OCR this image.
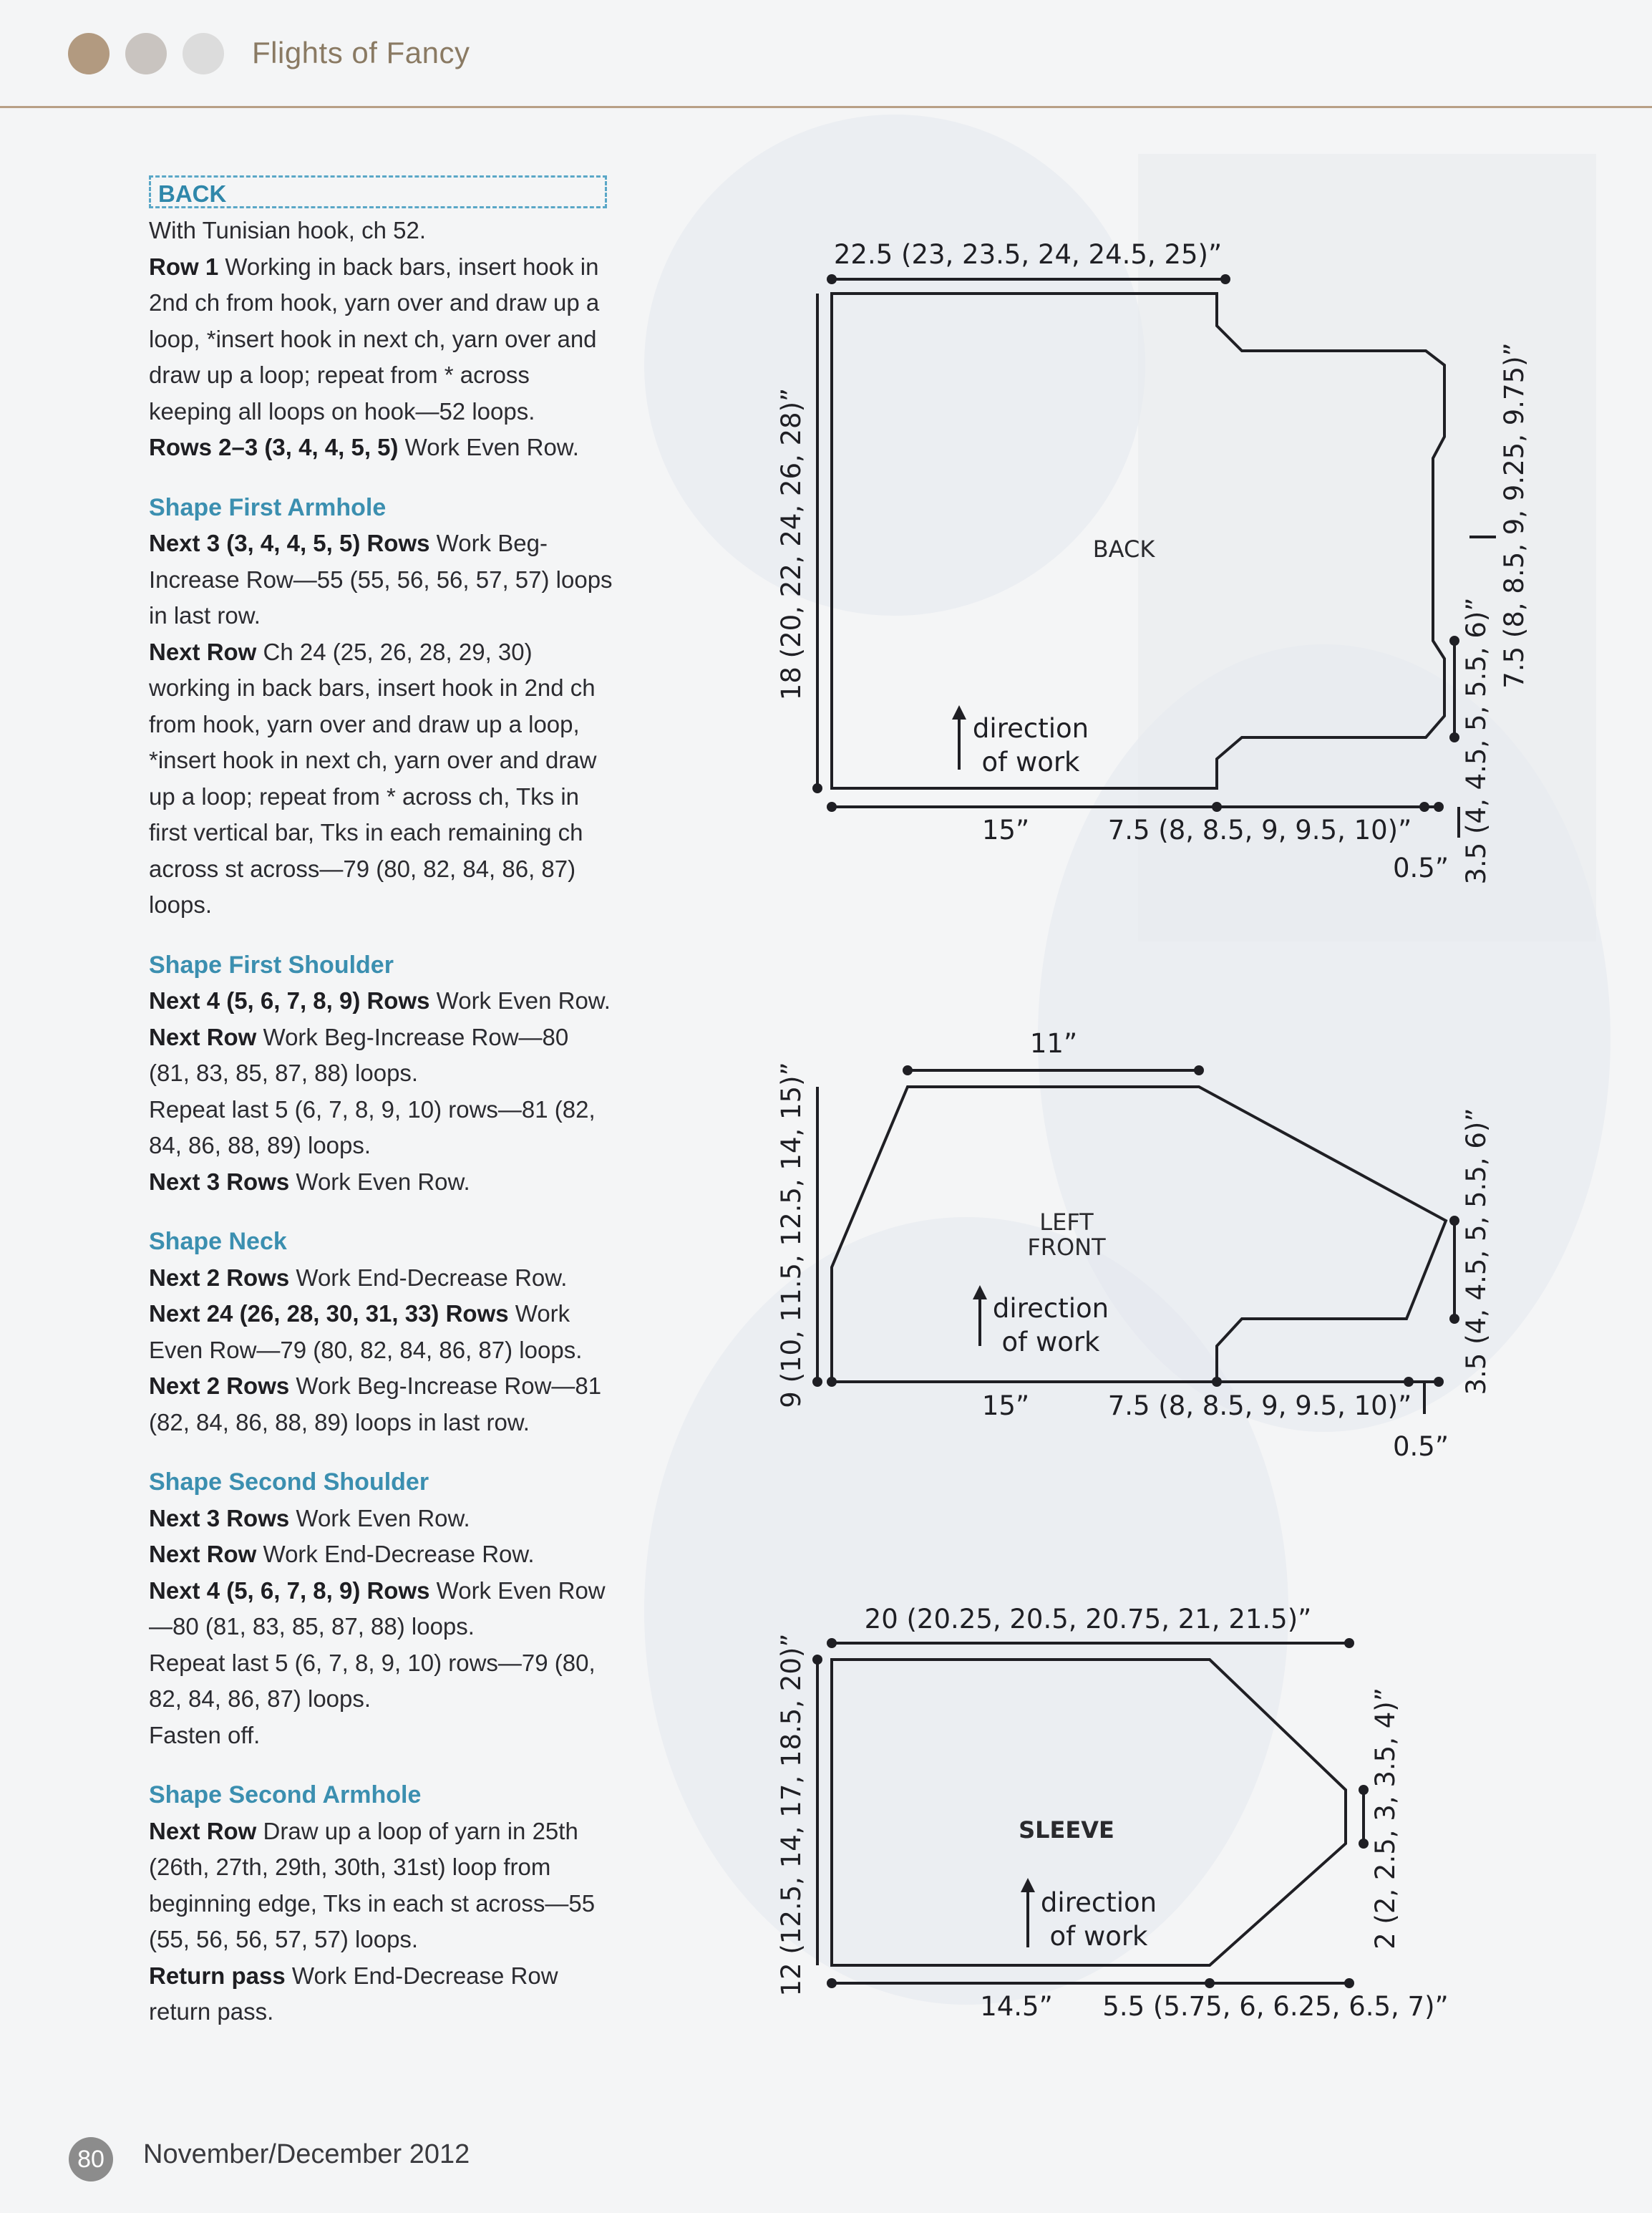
Flights of Fancy
BACK

With Tunisian hook, ch 52.

Row 1 Working in back bars, insert hook in 2nd ch from hook, yarn over and draw up a loop, *insert hook in next ch, yarn over and draw up a loop; repeat from * across keeping all loops on hook—52 loops.

Rows 2–3 (3, 4, 4, 5, 5) Work Even Row.

Shape First Armhole

Next 3 (3, 4, 4, 5, 5) Rows Work Beg-Increase Row—55 (55, 56, 56, 57, 57) loops in last row.

Next Row Ch 24 (25, 26, 28, 29, 30) working in back bars, insert hook in 2nd ch from hook, yarn over and draw up a loop, *insert hook in next ch, yarn over and draw up a loop; repeat from * across ch, Tks in first vertical bar, Tks in each remaining ch across st across—79 (80, 82, 84, 86, 87) loops.

Shape First Shoulder

Next 4 (5, 6, 7, 8, 9) Rows Work Even Row.

Next Row Work Beg-Increase Row—80 (81, 83, 85, 87, 88) loops.

Repeat last 5 (6, 7, 8, 9, 10) rows—81 (82, 84, 86, 88, 89) loops.

Next 3 Rows Work Even Row.

Shape Neck

Next 2 Rows Work End-Decrease Row.

Next 24 (26, 28, 30, 31, 33) Rows Work Even Row—79 (80, 82, 84, 86, 87) loops.

Next 2 Rows Work Beg-Increase Row—81 (82, 84, 86, 88, 89) loops in last row.

Shape Second Shoulder

Next 3 Rows Work Even Row.

Next Row Work End-Decrease Row.

Next 4 (5, 6, 7, 8, 9) Rows Work Even Row—80 (81, 83, 85, 87, 88) loops.

Repeat last 5 (6, 7, 8, 9, 10) rows—79 (80, 82, 84, 86, 87) loops.

Fasten off.

Shape Second Armhole

Next Row Draw up a loop of yarn in 25th (26th, 27th, 29th, 30th, 31st) loop from beginning edge, Tks in each st across—55 (55, 56, 56, 57, 57) loops.

Return pass Work End-Decrease Row return pass.

22.5 (23, 23.5, 24, 24.5, 25)”
18 (20, 22, 24, 26, 28)”	7.5 (8, 8.5, 9, 9.25, 9.75)”
3.5 (4, 4.5, 5, 5.5, 6)”
BACK
15”	7.5 (8, 8.5, 9, 9.5, 10)”
0.5”
direction
of work
11”
9 (10, 11.5, 12.5, 14, 15)”	3.5 (4, 4.5, 5, 5.5, 6)”
LEFT
FRONT
15”	7.5 (8, 8.5, 9, 9.5, 10)”
0.5”
direction
of work
20 (20.25, 20.5, 20.75, 21, 21.5)”
12 (12.5, 14, 17, 18.5, 20)”	2 (2, 2.5, 3, 3.5, 4)”
SLEEVE
14.5” 5.5 (5.75, 6, 6.25, 6.5, 7)”
direction
of work
80	November/December 2012
